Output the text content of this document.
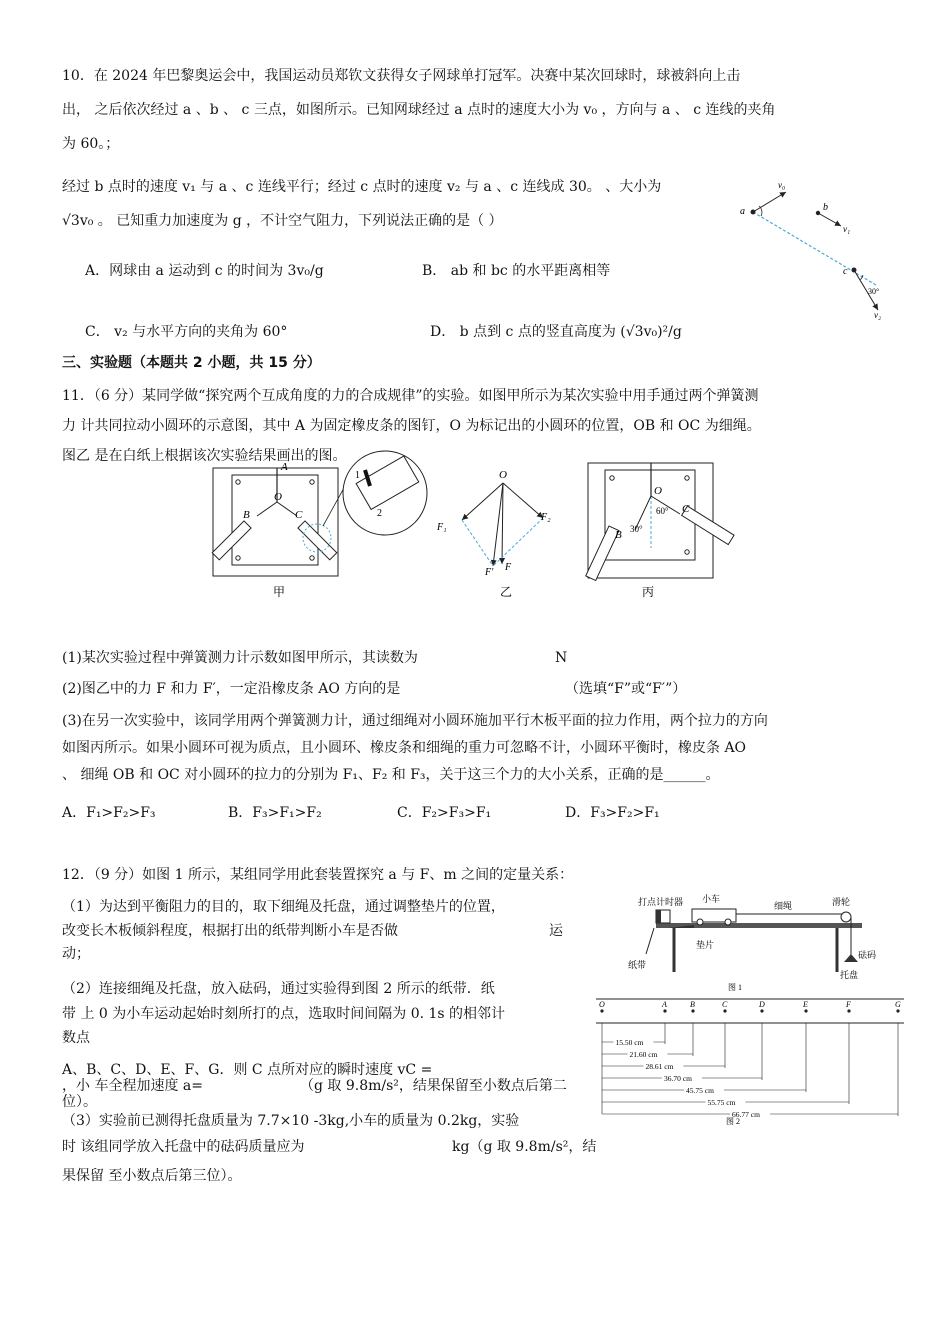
10．在 2024 年巴黎奥运会中，我国运动员郑钦文获得女子网球单打冠军。决赛中某次回球时，球被斜向上击
出， 之后依次经过 a 、b 、 c 三点，如图所示。已知网球经过 a 点时的速度大小为 v₀ ，方向与 a 、 c 连线的夹角
为 60。；
经过 b 点时的速度 v₁ 与 a 、c 连线平行；经过 c 点时的速度 v₂ 与 a 、c 连线成 30。 、大小为
√3v₀ 。 已知重力加速度为 g ，不计空气阻力，下列说法正确的是（ ）
A．网球由 a 运动到 c 的时间为 3v₀/g	B． ab 和 bc 的水平距离相等
C． v₂ 与水平方向的夹角为 60°	D． b 点到 c 点的竖直高度为 (√3v₀)²/g
a
v₀
b
v₁
c
30°
v₂
三、实验题（本题共 2 小题，共 15 分）
11．（6 分）某同学做“探究两个互成角度的力的合成规律”的实验。如图甲所示为某次实验中用手通过两个弹簧测
力 计共同拉动小圆环的示意图，其中 A 为固定橡皮条的图钉，O 为标记出的小圆环的位置，OB 和 OC 为细绳。
图乙 是在白纸上根据该次实验结果画出的图。
1
2
A
O
B	C
甲
O
F₁
F₂
F′ F
乙
O
60°
30°
B
C
丙
(1)某次实验过程中弹簧测力计示数如图甲所示，其读数为	N
(2)图乙中的力 F 和力 F′，一定沿橡皮条 AO 方向的是	（选填“F”或“F′”）
(3)在另一次实验中，该同学用两个弹簧测力计，通过细绳对小圆环施加平行木板平面的拉力作用，两个拉力的方向
如图丙所示。如果小圆环可视为质点，且小圆环、橡皮条和细绳的重力可忽略不计，小圆环平衡时，橡皮条 AO
、 细绳 OB 和 OC 对小圆环的拉力的分别为 F₁、F₂ 和 F₃，关于这三个力的大小关系，正确的是______。
A．F₁>F₂>F₃	B．F₃>F₁>F₂	C．F₂>F₃>F₁	D．F₃>F₂>F₁
12．（9 分）如图 1 所示，某组同学用此套装置探究 a 与 F、m 之间的定量关系：
（1）为达到平衡阻力的目的，取下细绳及托盘，通过调整垫片的位置，
改变长木板倾斜程度，根据打出的纸带判断小车是否做	运
动；
（2）连接细绳及托盘，放入砝码，通过实验得到图 2 所示的纸带．纸
带 上 0 为小车运动起始时刻所打的点，选取时间间隔为 0. 1s 的相邻计
数点
A、B、C、D、E、F、G．则 C 点所对应的瞬时速度 vC =
，小 车全程加速度 a=	（g 取 9.8m/s²，结果保留至小数点后第二
位）。
（3）实验前已测得托盘质量为 7.7×10 -3kg,小车的质量为 0.2kg，实验
时 该组同学放入托盘中的砝码质量应为	kg（g 取 9.8m/s²，结
果保留 至小数点后第三位）。
打点计时器 小车
细绳	滑轮
纸带
垫片
砝码
托盘
图 1
O	A	B	C	D	E	F	G
15.50 cm
21.60 cm
28.61 cm
36.70 cm
45.75 cm
55.75 cm
66.77 cm
图 2
